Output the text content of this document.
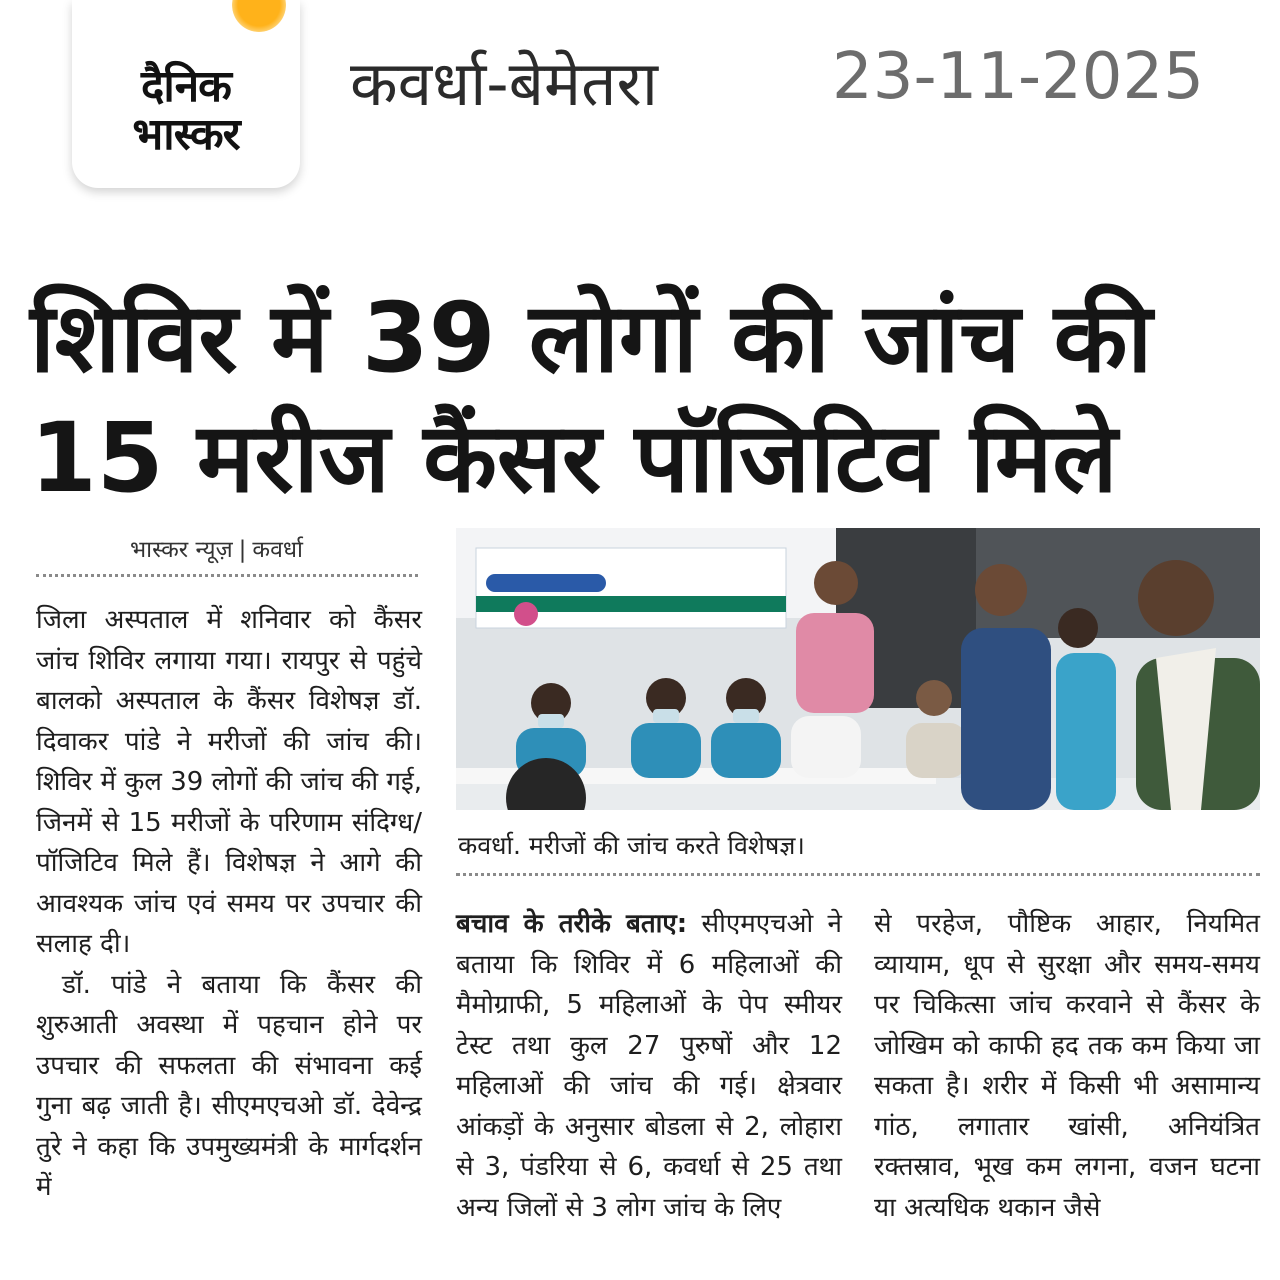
दैनिक
भास्कर
कवर्धा-बेमेतरा	23-11-2025
शिविर में 39 लोगों की जांच की
15 मरीज कैंसर पॉजिटिव मिले
भास्कर न्यूज़ | कवर्धा

जिला अस्पताल में शनिवार को कैंसर जांच शिविर लगाया गया। रायपुर से पहुंचे बालको अस्पताल के कैंसर विशेषज्ञ डॉ. दिवाकर पांडे ने मरीजों की जांच की। शिविर में कुल 39 लोगों की जांच की गई, जिनमें से 15 मरीजों के परिणाम संदिग्ध/पॉजिटिव मिले हैं। विशेषज्ञ ने आगे की आवश्यक जांच एवं समय पर उपचार की सलाह दी।

डॉ. पांडे ने बताया कि कैंसर की शुरुआती अवस्था में पहचान होने पर उपचार की सफलता की संभावना कई गुना बढ़ जाती है। सीएमएचओ डॉ. देवेन्द्र तुरे ने कहा कि उपमुख्यमंत्री के मार्गदर्शन में

कवर्धा. मरीजों की जांच करते विशेषज्ञ।

बचाव के तरीके बताए: सीएमएचओ ने बताया कि शिविर में 6 महिलाओं की मैमोग्राफी, 5 महिलाओं के पेप स्मीयर टेस्ट तथा कुल 27 पुरुषों और 12 महिलाओं की जांच की गई। क्षेत्रवार आंकड़ों के अनुसार बोडला से 2, लोहारा से 3, पंडरिया से 6, कवर्धा से 25 तथा अन्य जिलों से 3 लोग जांच के लिए

से परहेज, पौष्टिक आहार, नियमित व्यायाम, धूप से सुरक्षा और समय-समय पर चिकित्सा जांच करवाने से कैंसर के जोखिम को काफी हद तक कम किया जा सकता है। शरीर में किसी भी असामान्य गांठ, लगातार खांसी, अनियंत्रित रक्तस्राव, भूख कम लगना, वजन घटना या अत्यधिक थकान जैसे
